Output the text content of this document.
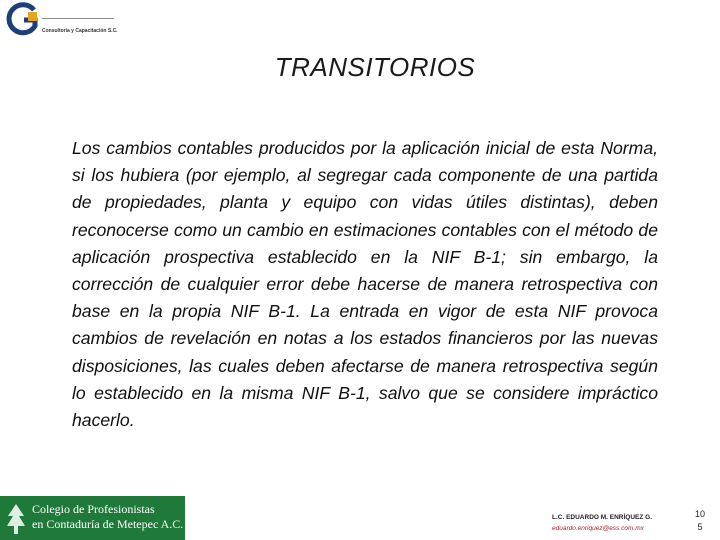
Consultoría y Capacitación S.C.
TRANSITORIOS
Los cambios contables producidos por la aplicación inicial de esta Norma, si los hubiera (por ejemplo, al segregar cada componente de una partida de propiedades, planta y equipo con vidas útiles distintas), deben reconocerse como un cambio en estimaciones contables con el método de aplicación prospectiva establecido en la NIF B-1; sin embargo, la corrección de cualquier error debe hacerse de manera retrospectiva con base en la propia NIF B-1. La entrada en vigor de esta NIF provoca cambios de revelación en notas a los estados financieros por las nuevas disposiciones, las cuales deben afectarse de manera retrospectiva según lo establecido en la misma NIF B-1, salvo que se considere impráctico hacerlo.
Colegio de Profesionistas
en Contaduría de Metepec A.C.	L.C. EDUARDO M. ENRÍQUEZ G.
eduardo.enriquez@ess.com.mx
10
5
